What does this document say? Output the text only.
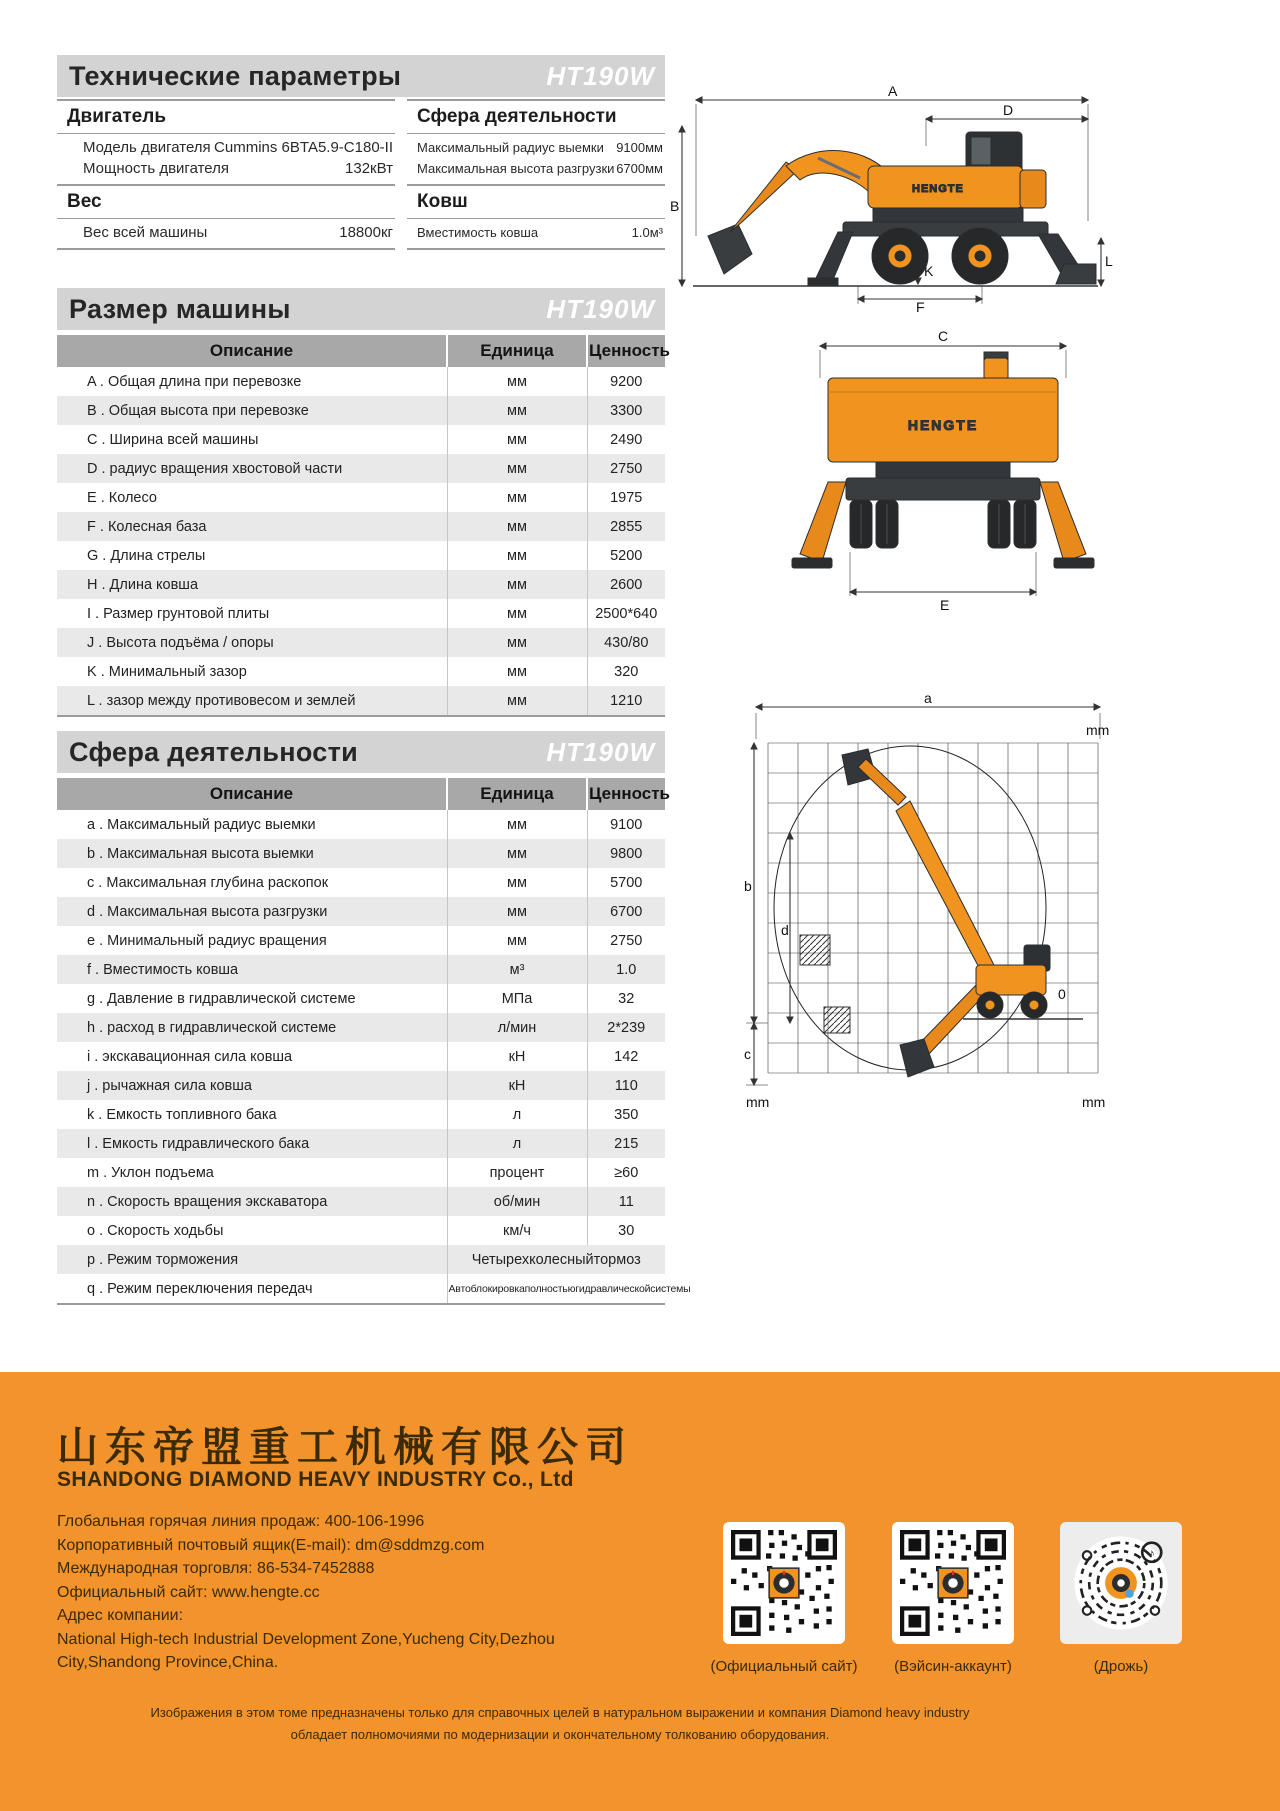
Технические параметры	HT190W
Двигатель
Модель двигателя Cummins 6BTA5.9-C180-II
Мощность двигателя	132кВт
Вес
Вес всей машины	18800кг
Сфера деятельности
Максимальный радиус выемки 9100мм
Максимальная высота разгрузки 6700мм
Ковш
Вместимость ковша	1.0м³
Размер машины	HT190W
Описание	Единица	Ценность
A . Общая длина при перевозке	мм	9200
B . Общая высота при перевозке	мм	3300
C . Ширина всей машины	мм	2490
D . радиус вращения хвостовой части	мм	2750
E . Колесо	мм	1975
F . Колесная база	мм	2855
G . Длина стрелы	мм	5200
H . Длина ковша	мм	2600
I . Размер грунтовой плиты	мм	2500*640
J . Высота подъёма / опоры	мм	430/80
K . Минимальный зазор	мм	320
L . зазор между противовесом и землей	мм	1210
Сфера деятельности	HT190W
Описание	Единица	Ценность
a . Максимальный радиус выемки	мм	9100
b . Максимальная высота выемки	мм	9800
c . Максимальная глубина раскопок	мм	5700
d . Максимальная высота разгрузки	мм	6700
e . Минимальный радиус вращения	мм	2750
f . Вместимость ковша	м³	1.0
g . Давление в гидравлической системе	МПа	32
h . расход в гидравлической системе	л/мин	2*239
i . экскавационная сила ковша	кН	142
j . рычажная сила ковша	кН	110
k . Емкость топливного бака	л	350
l . Емкость гидравлического бака	л	215
m . Уклон подъема	процент	≥60
n . Скорость вращения экскаватора	об/мин	11
o . Скорость ходьбы	км/ч	30
p . Режим торможения	Четырехколесныйтормоз	
q . Режим переключения передач	Автоблокировкаполностьюгидравлическойсистемы	
A
D
B
L
K
F
HENGTE
C
HENGTE
E
a
mm
b
c
d
0
mm	mm
山东帝盟重工机械有限公司
SHANDONG DIAMOND HEAVY INDUSTRY Co., Ltd
Глобальная горячая линия продаж: 400-106-1996
Корпоративный почтовый ящик(E-mail): dm@sddmzg.com
Международная торговля: 86-534-7452888
Официальный сайт: www.hengte.cc
Адрес компании:
National High-tech Industrial Development Zone,Yucheng City,Dezhou
City,Shandong Province,China.
♪
(Официальный сайт)	(Вэйсин-аккаунт)	(Дрожь)
Изображения в этом томе предназначены только для справочных целей в натуральном выражении и компания Diamond heavy industry
обладает полномочиями по модернизации и окончательному толкованию оборудования.
